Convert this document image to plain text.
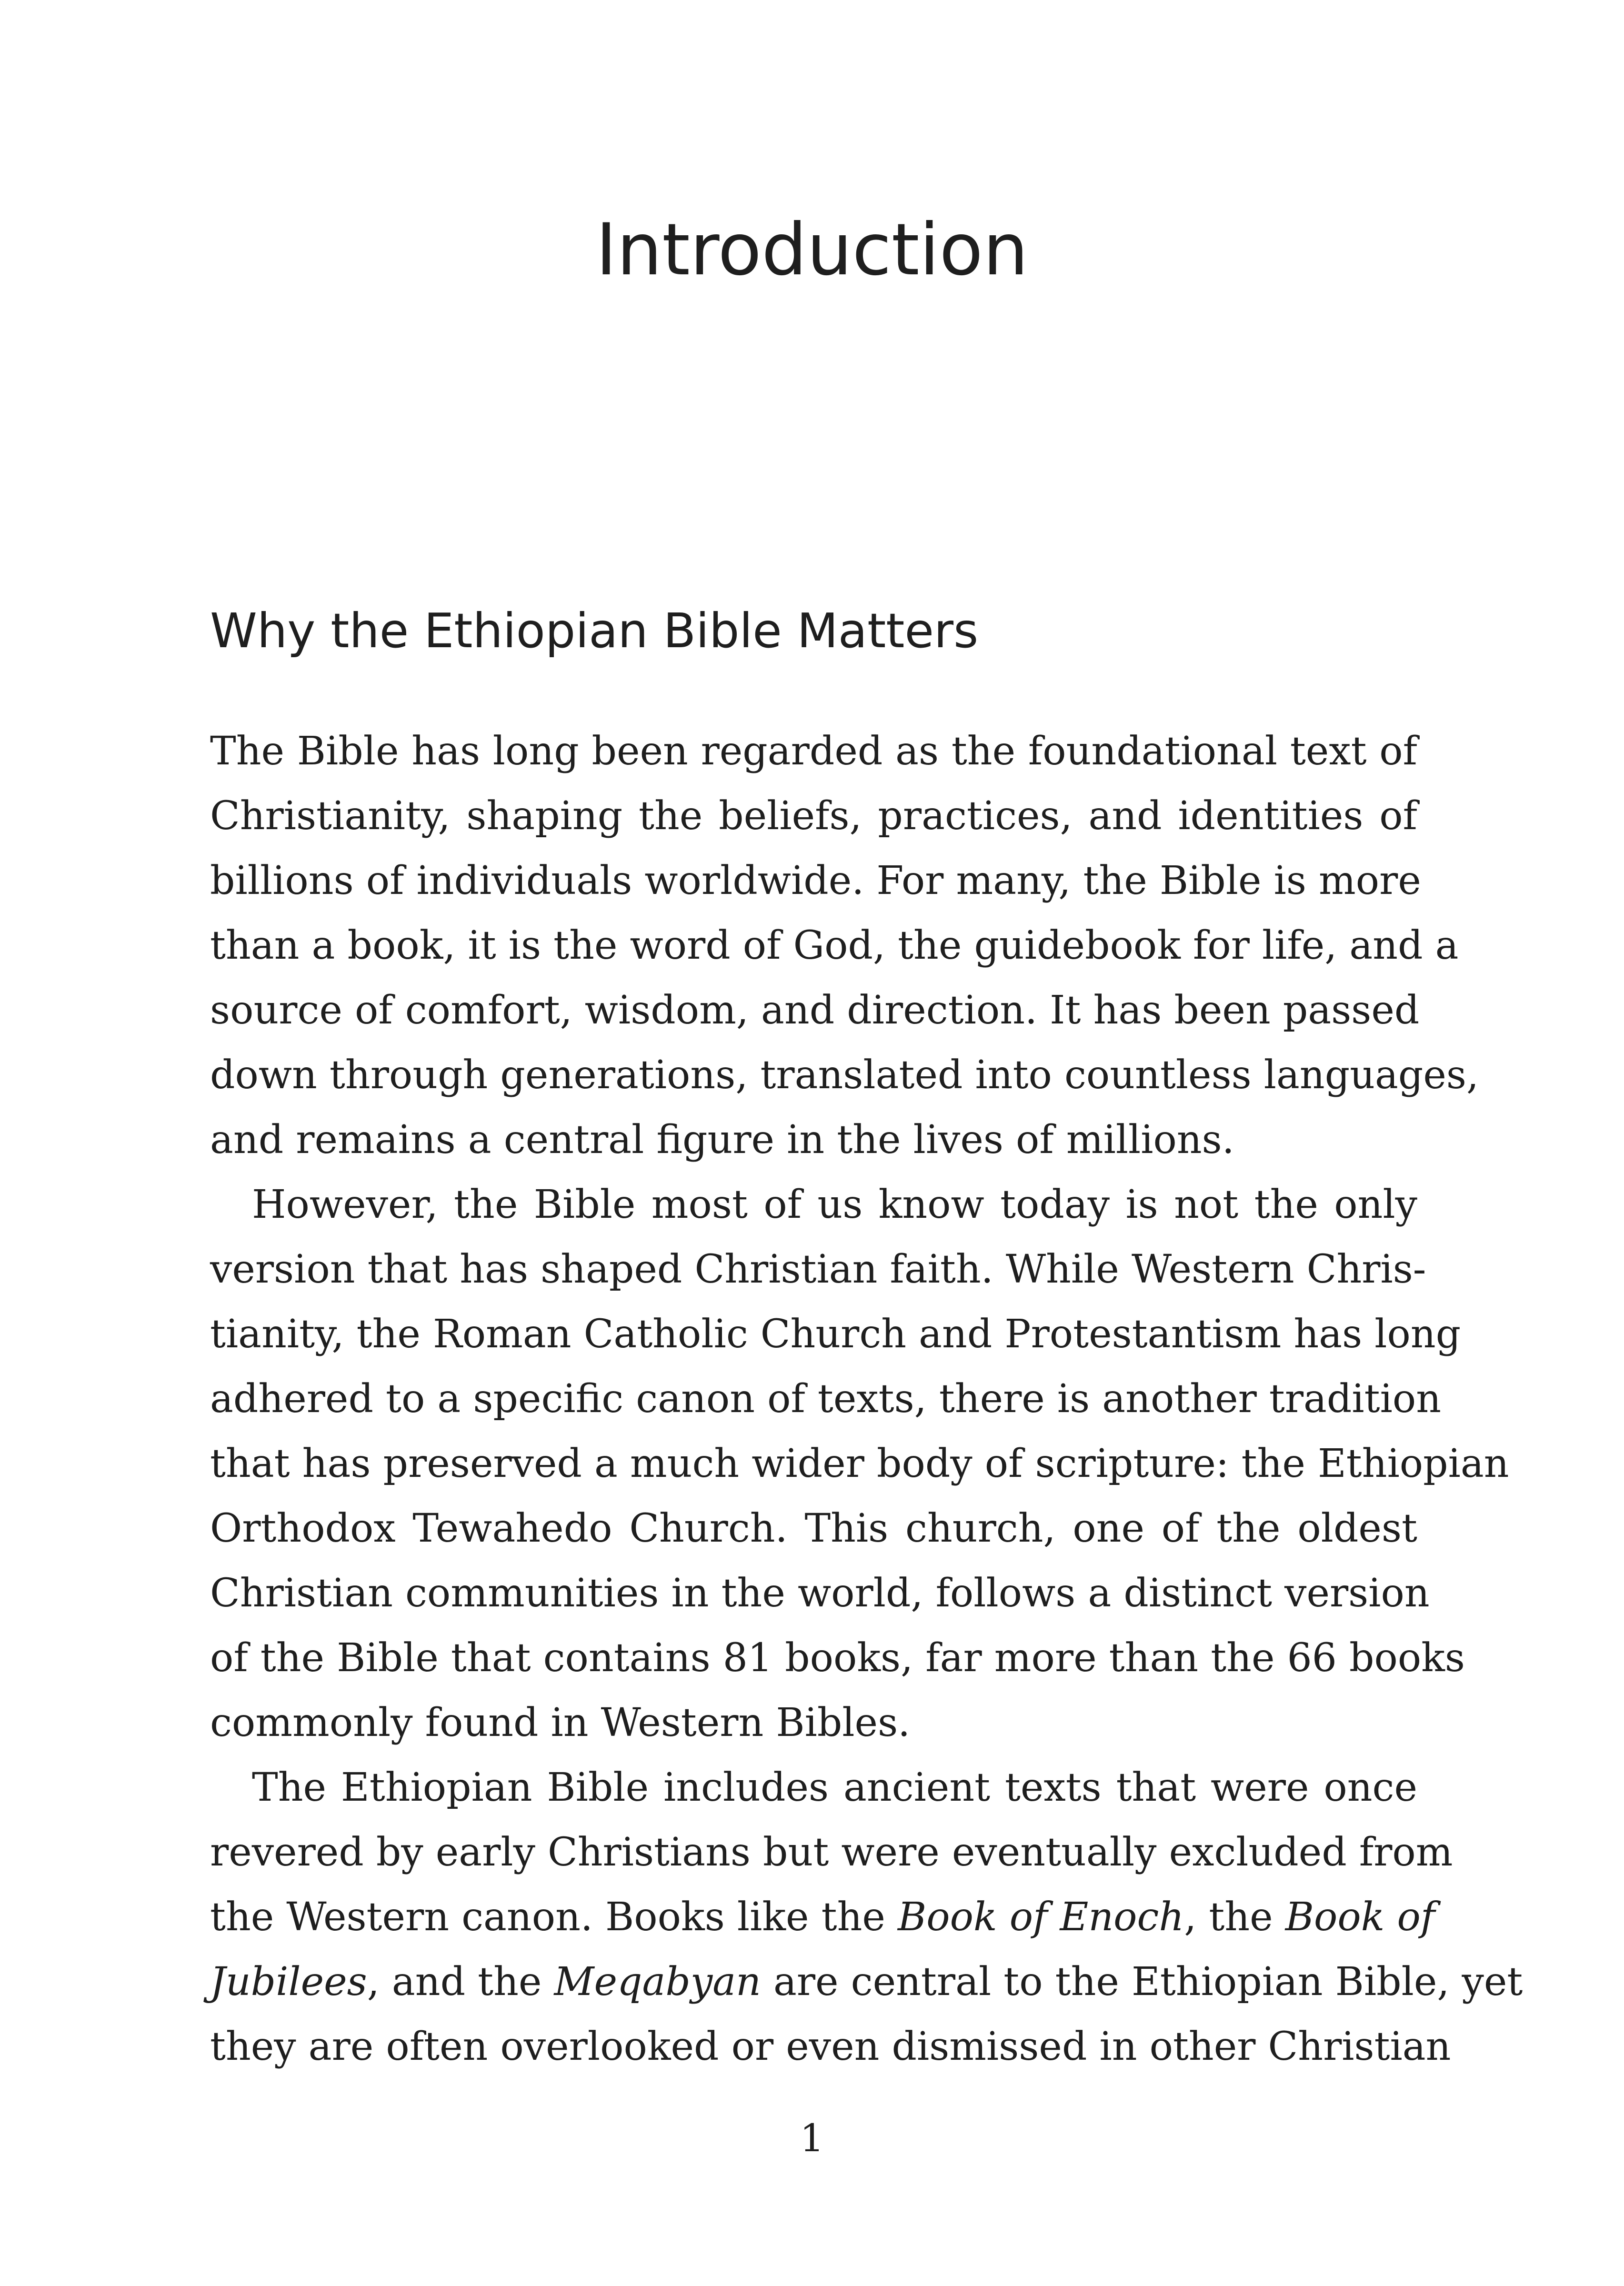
Introduction
Why the Ethiopian Bible Matters
The Bible has long been regarded as the foundational text of
Christianity, shaping the beliefs, practices, and identities of
billions of individuals worldwide. For many, the Bible is more
than a book, it is the word of God, the guidebook for life, and a
source of comfort, wisdom, and direction. It has been passed
down through generations, translated into countless languages,
and remains a central figure in the lives of millions.
However, the Bible most of us know today is not the only
version that has shaped Christian faith. While Western Chris-
tianity, the Roman Catholic Church and Protestantism has long
adhered to a specific canon of texts, there is another tradition
that has preserved a much wider body of scripture: the Ethiopian
Orthodox Tewahedo Church. This church, one of the oldest
Christian communities in the world, follows a distinct version
of the Bible that contains 81 books, far more than the 66 books
commonly found in Western Bibles.
The Ethiopian Bible includes ancient texts that were once
revered by early Christians but were eventually excluded from
the Western canon. Books like the Book of Enoch, the Book of
Jubilees, and the Meqabyan are central to the Ethiopian Bible, yet
they are often overlooked or even dismissed in other Christian
1
